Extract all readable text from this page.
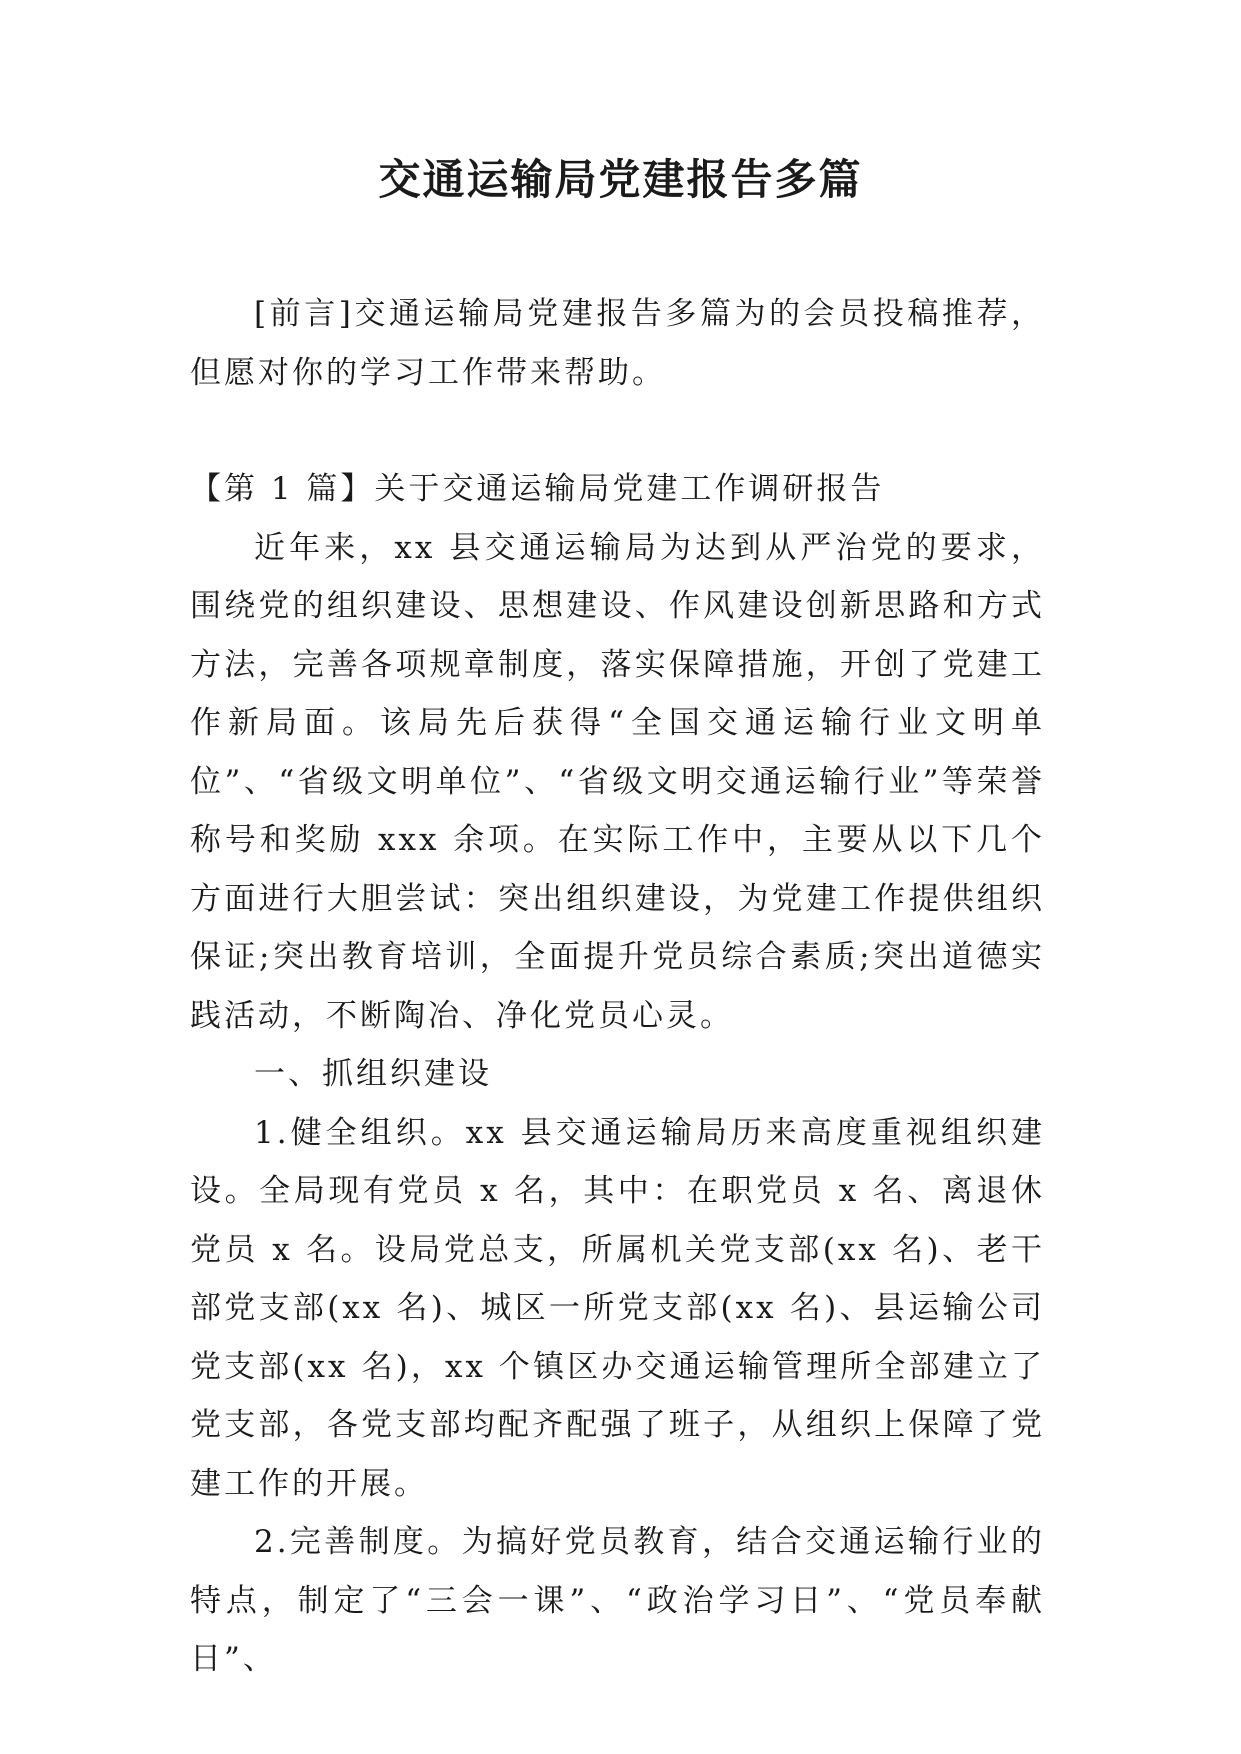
交通运输局党建报告多篇

[前言]交通运输局党建报告多篇为的会员投稿推荐，但愿对你的学习工作带来帮助。

【第 1 篇】关于交通运输局党建工作调研报告

近年来，xx 县交通运输局为达到从严治党的要求，围绕党的组织建设、思想建设、作风建设创新思路和方式方法，完善各项规章制度，落实保障措施，开创了党建工作新局面。该局先后获得“全国交通运输行业文明单位”、“省级文明单位”、“省级文明交通运输行业”等荣誉称号和奖励 xxx 余项。在实际工作中，主要从以下几个方面进行大胆尝试：突出组织建设，为党建工作提供组织保证;突出教育培训，全面提升党员综合素质;突出道德实践活动，不断陶冶、净化党员心灵。

一、抓组织建设

1.健全组织。xx 县交通运输局历来高度重视组织建设。全局现有党员 x 名，其中：在职党员 x 名、离退休党员 x 名。设局党总支，所属机关党支部(xx 名)、老干部党支部(xx 名)、城区一所党支部(xx 名)、县运输公司党支部(xx 名)，xx 个镇区办交通运输管理所全部建立了党支部，各党支部均配齐配强了班子，从组织上保障了党建工作的开展。

2.完善制度。为搞好党员教育，结合交通运输行业的特点，制定了“三会一课”、“政治学习日”、“党员奉献日”、
